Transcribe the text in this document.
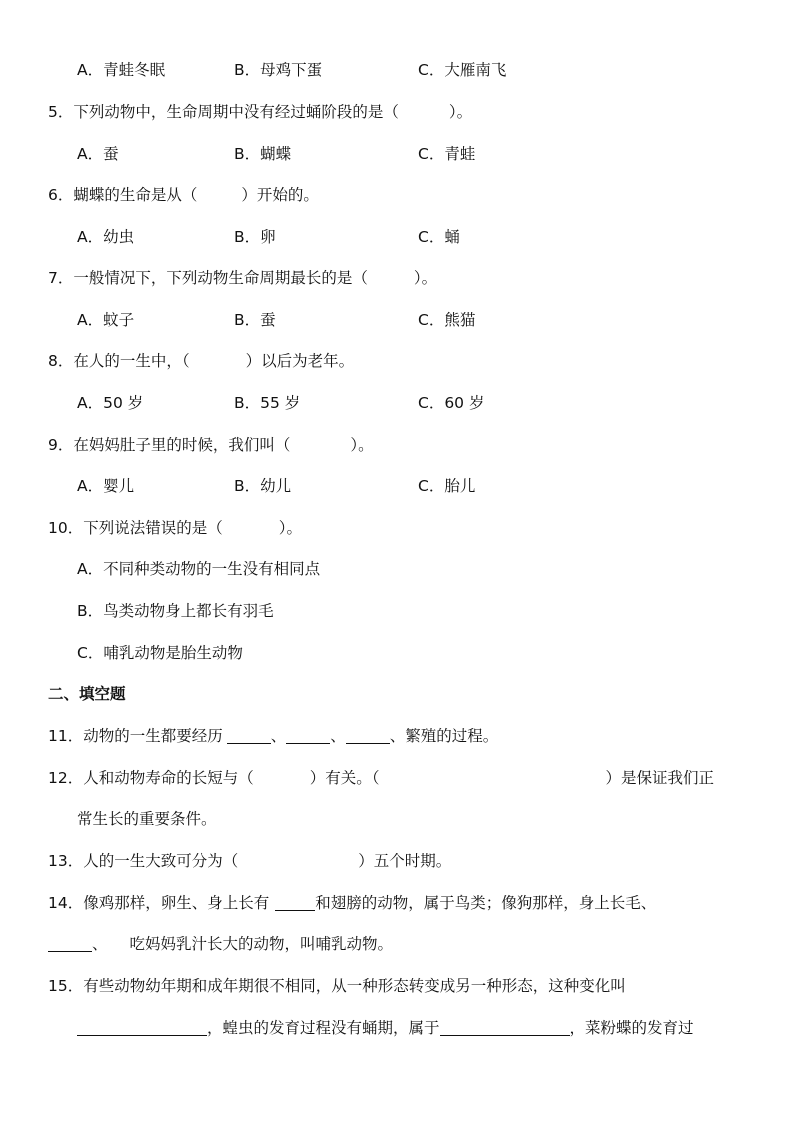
A．青蛙冬眠	B．母鸡下蛋	C．大雁南飞
5．下列动物中，生命周期中没有经过蛹阶段的是（	）。
A．蚕	B．蝴蝶	C．青蛙
6．蝴蝶的生命是从（	）开始的。
A．幼虫	B．卵	C．蛹
7．一般情况下，下列动物生命周期最长的是（	）。
A．蚊子	B．蚕	C．熊猫
8．在人的一生中，（	）以后为老年。
A．50 岁	B．55 岁	C．60 岁
9．在妈妈肚子里的时候，我们叫（	）。
A．婴儿	B．幼儿	C．胎儿
10．下列说法错误的是（	）。
A．不同种类动物的一生没有相同点
B．鸟类动物身上都长有羽毛
C．哺乳动物是胎生动物
二、填空题
11．动物的一生都要经历	、	、	、繁殖的过程。
12．人和动物寿命的长短与（	）有关。（	）是保证我们正
常生长的重要条件。
13．人的一生大致可分为（	）五个时期。
14．像鸡那样，卵生、身上长有	和翅膀的动物，属于鸟类；像狗那样，身上长毛、
、 吃妈妈乳汁长大的动物，叫哺乳动物。
15．有些动物幼年期和成年期很不相同，从一种形态转变成另一种形态，这种变化叫
，蝗虫的发育过程没有蛹期，属于	，菜粉蝶的发育过
